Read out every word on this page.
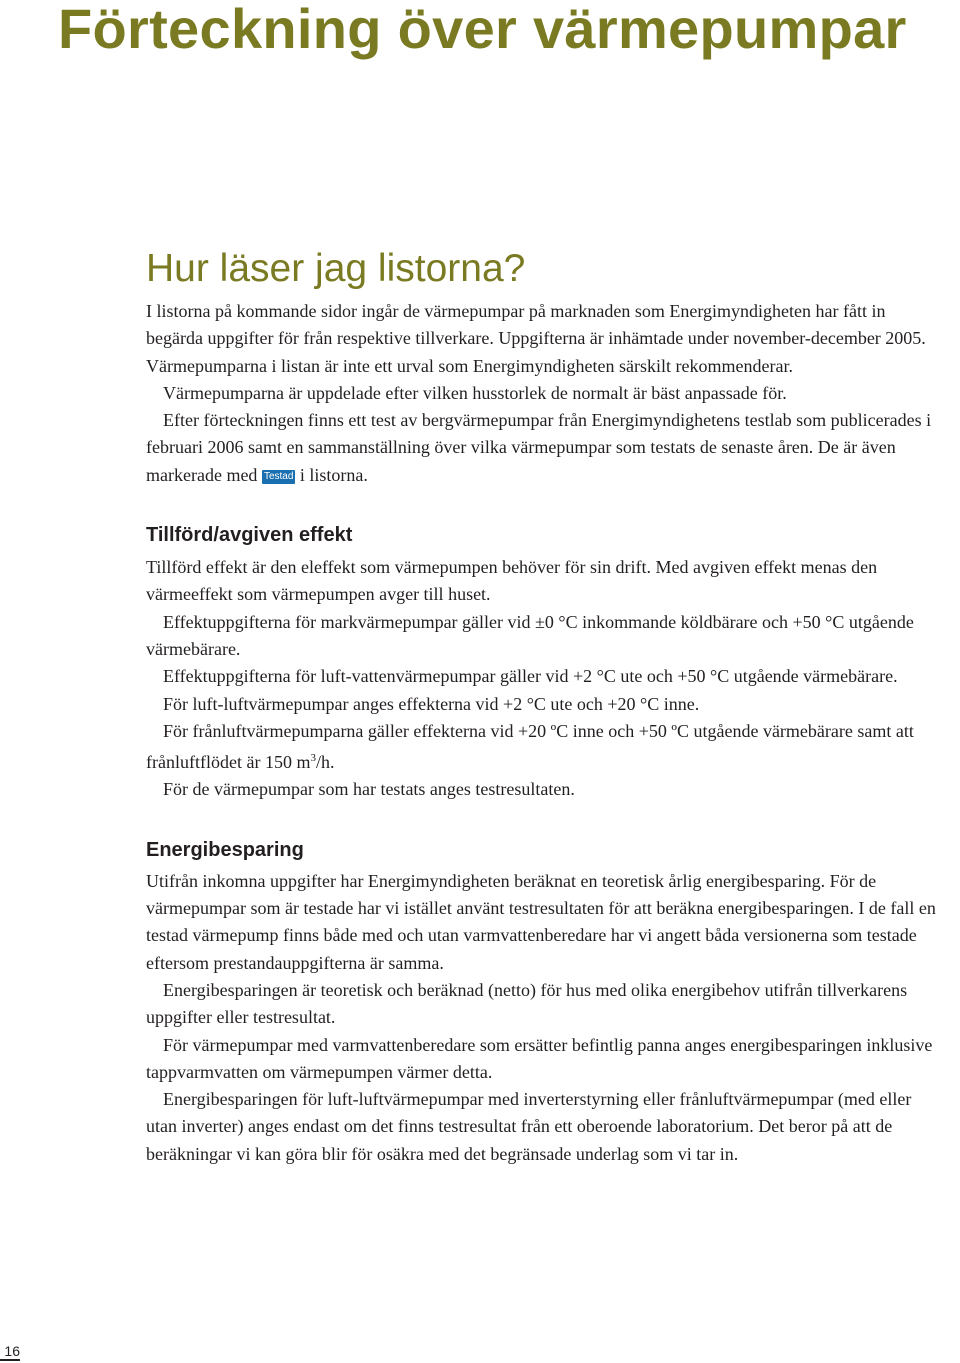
Förteckning över värmepumpar
Hur läser jag listorna?

I listorna på kommande sidor ingår de värmepumpar på marknaden som Energimyndigheten har fått in begärda uppgifter för från respektive tillverkare. Uppgifterna är inhämtade under november-december 2005. Värmepumparna i listan är inte ett urval som Energimyndigheten särskilt rekommenderar.

Värmepumparna är uppdelade efter vilken husstorlek de normalt är bäst anpassade för.

Efter förteckningen finns ett test av bergvärmepumpar från Energimyndighetens testlab som publicerades i februari 2006 samt en sammanställning över vilka värmepumpar som testats de senaste åren. De är även markerade med Testad i listorna.

Tillförd/avgiven effekt

Tillförd effekt är den eleffekt som värmepumpen behöver för sin drift. Med avgiven effekt menas den värmeeffekt som värmepumpen avger till huset.

Effektuppgifterna för markvärmepumpar gäller vid ±0 °C inkommande köldbärare och +50 °C utgående värmebärare.

Effektuppgifterna för luft-vattenvärmepumpar gäller vid +2 °C ute och +50 °C utgående värmebärare.

För luft-luftvärmepumpar anges effekterna vid +2 °C ute och +20 °C inne.

För frånluftvärmepumparna gäller effekterna vid +20 ºC inne och +50 ºC utgående värmebärare samt att frånluftflödet är 150 $m^3/h$.

För de värmepumpar som har testats anges testresultaten.

Energibesparing

Utifrån inkomna uppgifter har Energimyndigheten beräknat en teoretisk årlig energibesparing. För de värmepumpar som är testade har vi istället använt testresultaten för att beräkna energibesparingen. I de fall en testad värmepump finns både med och utan varmvattenberedare har vi angett båda versionerna som testade eftersom prestandauppgifterna är samma.

Energibesparingen är teoretisk och beräknad (netto) för hus med olika energibehov utifrån tillverkarens uppgifter eller testresultat.

För värmepumpar med varmvattenberedare som ersätter befintlig panna anges energibesparingen inklusive tappvarmvatten om värmepumpen värmer detta.

Energibesparingen för luft-luftvärmepumpar med inverterstyrning eller frånluftvärmepumpar (med eller utan inverter) anges endast om det finns testresultat från ett oberoende laboratorium. Det beror på att de beräkningar vi kan göra blir för osäkra med det begränsade underlag som vi tar in.

16
